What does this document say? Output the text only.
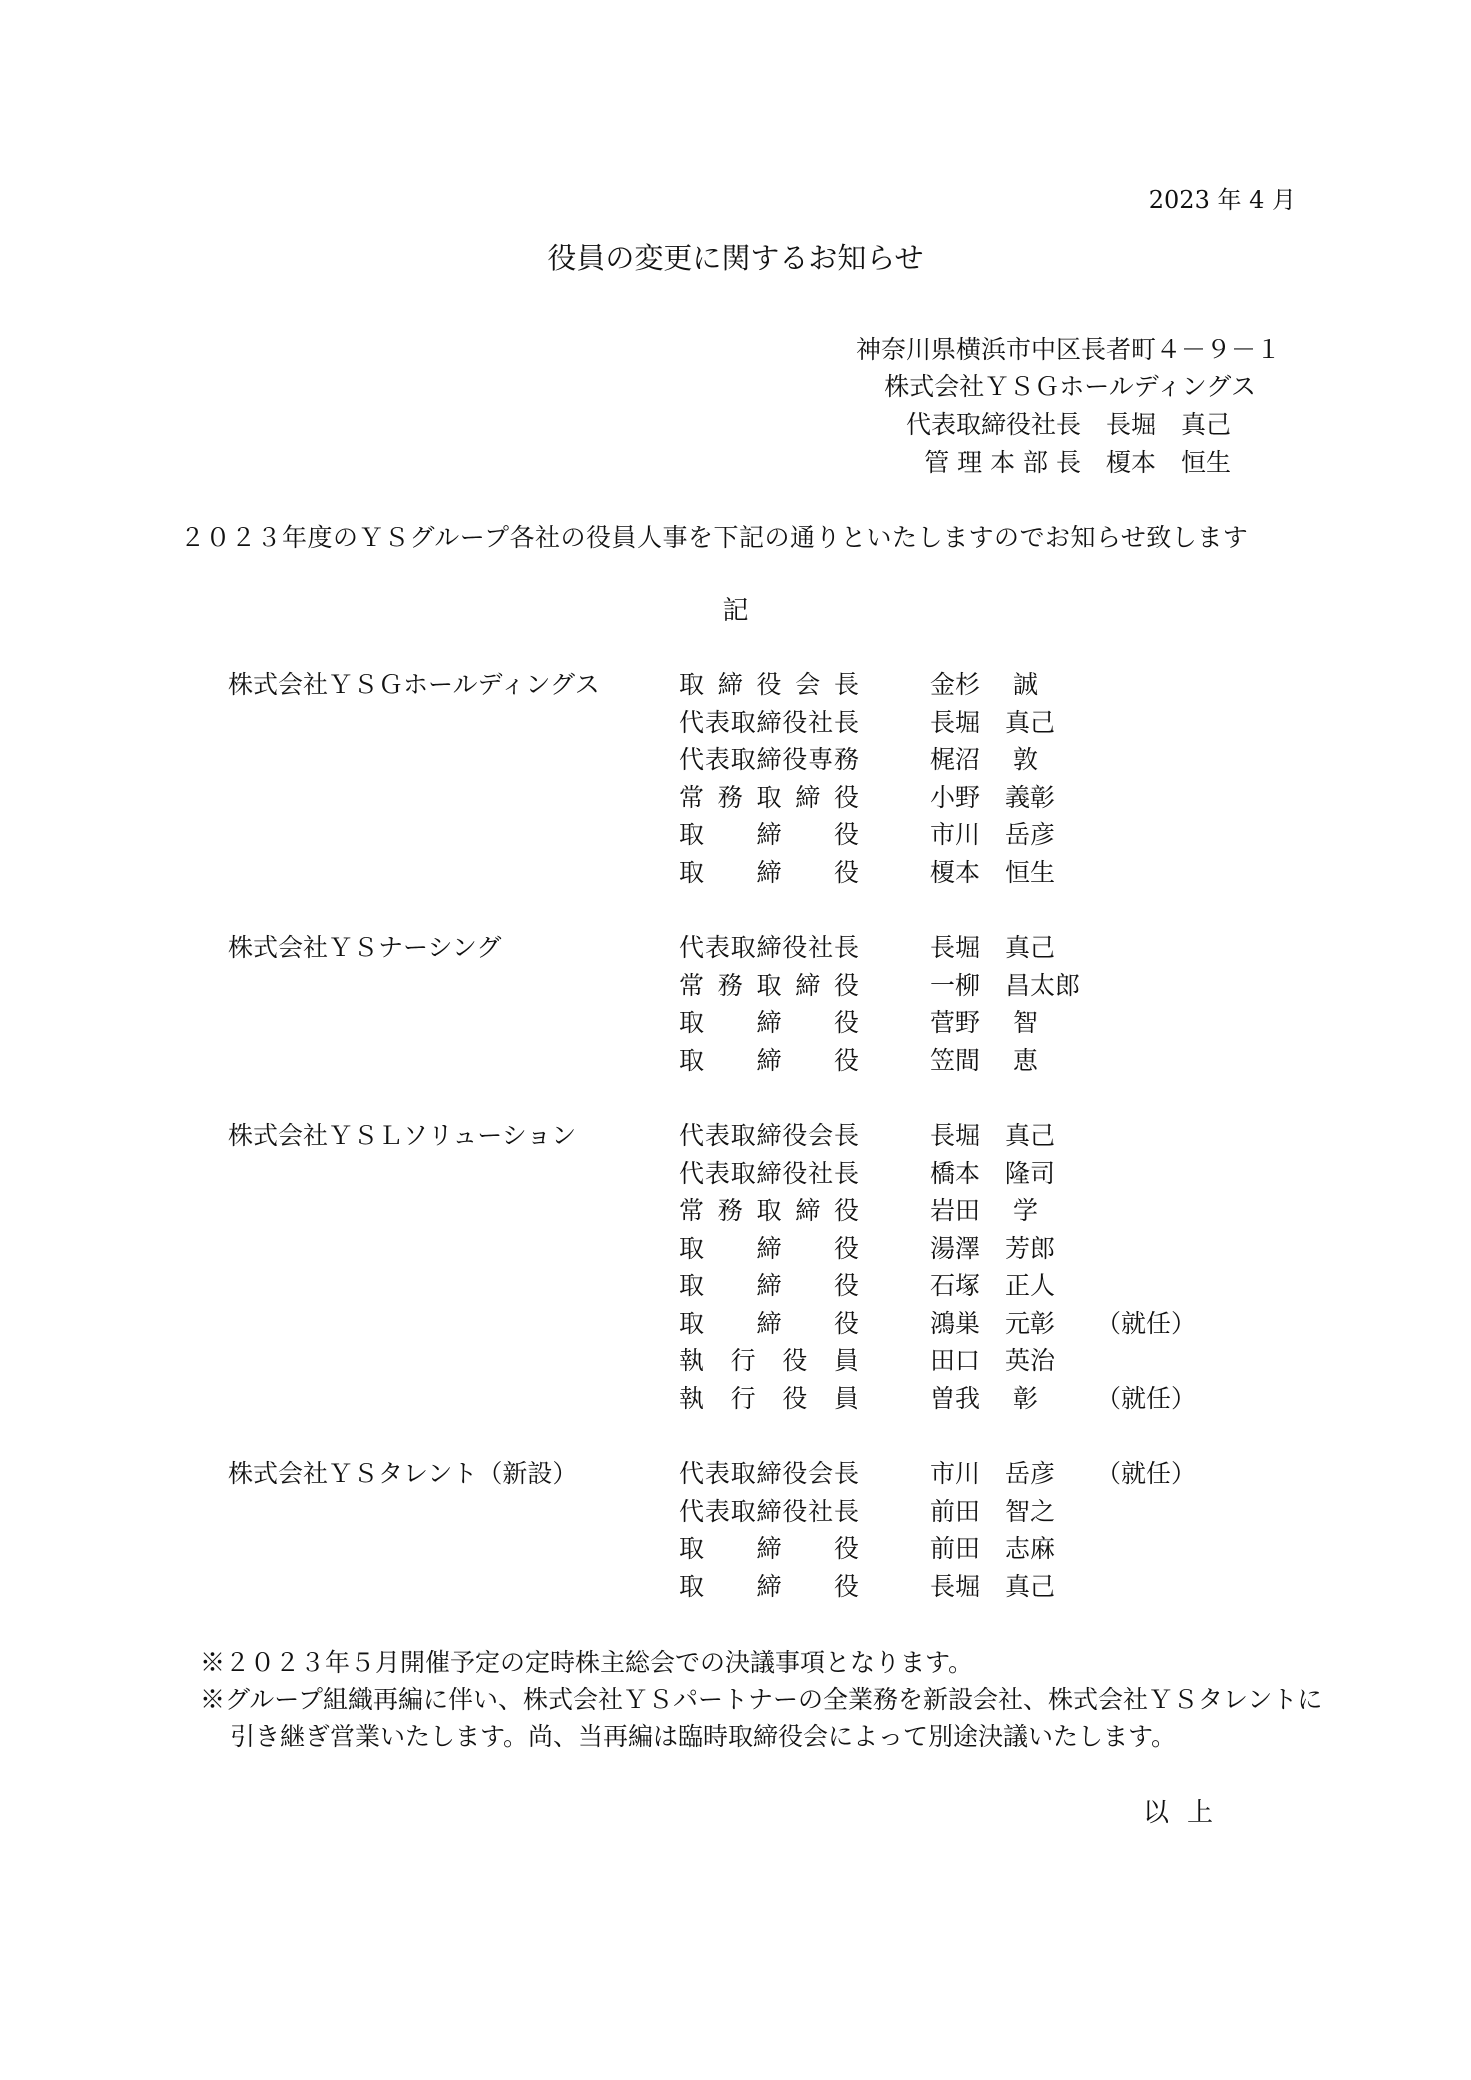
2023 年 4 月
役員の変更に関するお知らせ
神奈川県横浜市中区長者町４－９－１
株式会社ＹＳＧホールディングス
代表取締役社長　長堀　真己
管 理 本 部 長　榎本　恒生
２０２３年度のＹＳグループ各社の役員人事を下記の通りといたしますのでお知らせ致します
記
株式会社ＹＳＧホールディングス	取締役会長	金杉　 誠
代表取締役社長	長堀　真己
代表取締役専務	梶沼　 敦
常務取締役	小野　義彰
取締役	市川　岳彦
取締役	榎本　恒生
株式会社ＹＳナーシング	代表取締役社長	長堀　真己
常務取締役	一柳　昌太郎
取締役	菅野　 智
取締役	笠間　 恵
株式会社ＹＳＬソリューション	代表取締役会長	長堀　真己
代表取締役社長	橋本　隆司
常務取締役	岩田　 学
取締役	湯澤　芳郎
取締役	石塚　正人
取締役	鴻巣　元彰 （就任）
執行役員	田口　英治
執行役員	曽我　 彰 （就任）
株式会社ＹＳタレント（新設）	代表取締役会長	市川　岳彦 （就任）
代表取締役社長	前田　智之
取締役	前田　志麻
取締役	長堀　真己
※２０２３年５月開催予定の定時株主総会での決議事項となります。
※グループ組織再編に伴い、株式会社ＹＳパートナーの全業務を新設会社、株式会社ＹＳタレントに
引き継ぎ営業いたします。尚、当再編は臨時取締役会によって別途決議いたします。
以上
